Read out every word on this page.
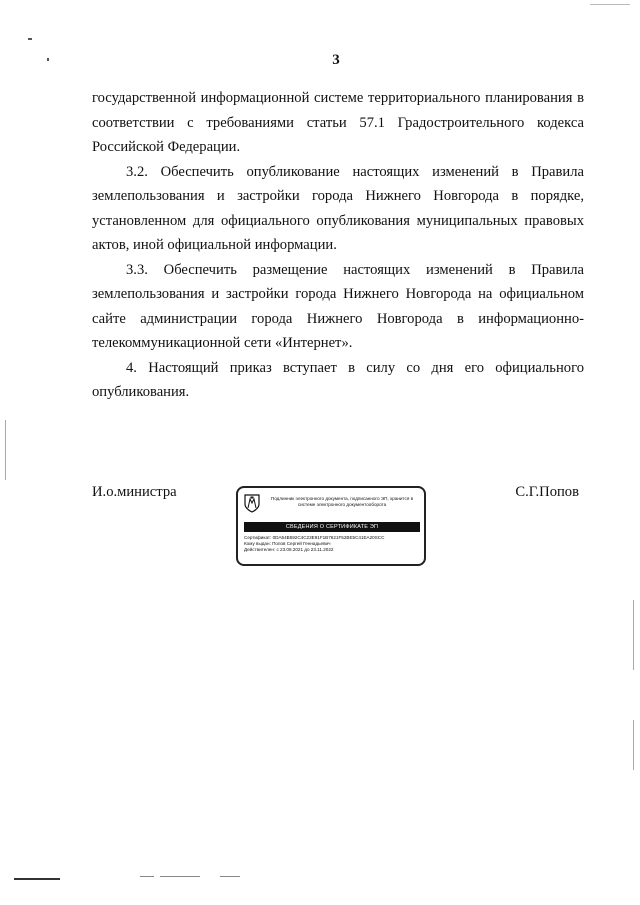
3

государственной информационной системе территориального планирования в соответствии с требованиями статьи 57.1 Градостроительного кодекса Российской Федерации.

3.2. Обеспечить опубликование настоящих изменений в Правила землепользования и застройки города Нижнего Новгорода в порядке, установленном для официального опубликования муниципальных правовых актов, иной официальной информации.

3.3. Обеспечить размещение настоящих изменений в Правила землепользования и застройки города Нижнего Новгорода на официальном сайте администрации города Нижнего Новгорода в информационно-телекоммуникационной сети «Интернет».

4. Настоящий приказ вступает в силу со дня его официального опубликования.

И.о.министра	С.Г.Попов
Подлинник электронного документа, подписанного ЭП, хранится в системе электронного документооборота
СВЕДЕНИЯ О СЕРТИФИКАТЕ ЭП
Сертификат: 0DA54B592C4C23E91F1B7621F52BE5C41EA20SCC
Кому выдан: Попов Сергей Геннадьевич
Действителен: с 23.08.2021 до 23.11.2022
